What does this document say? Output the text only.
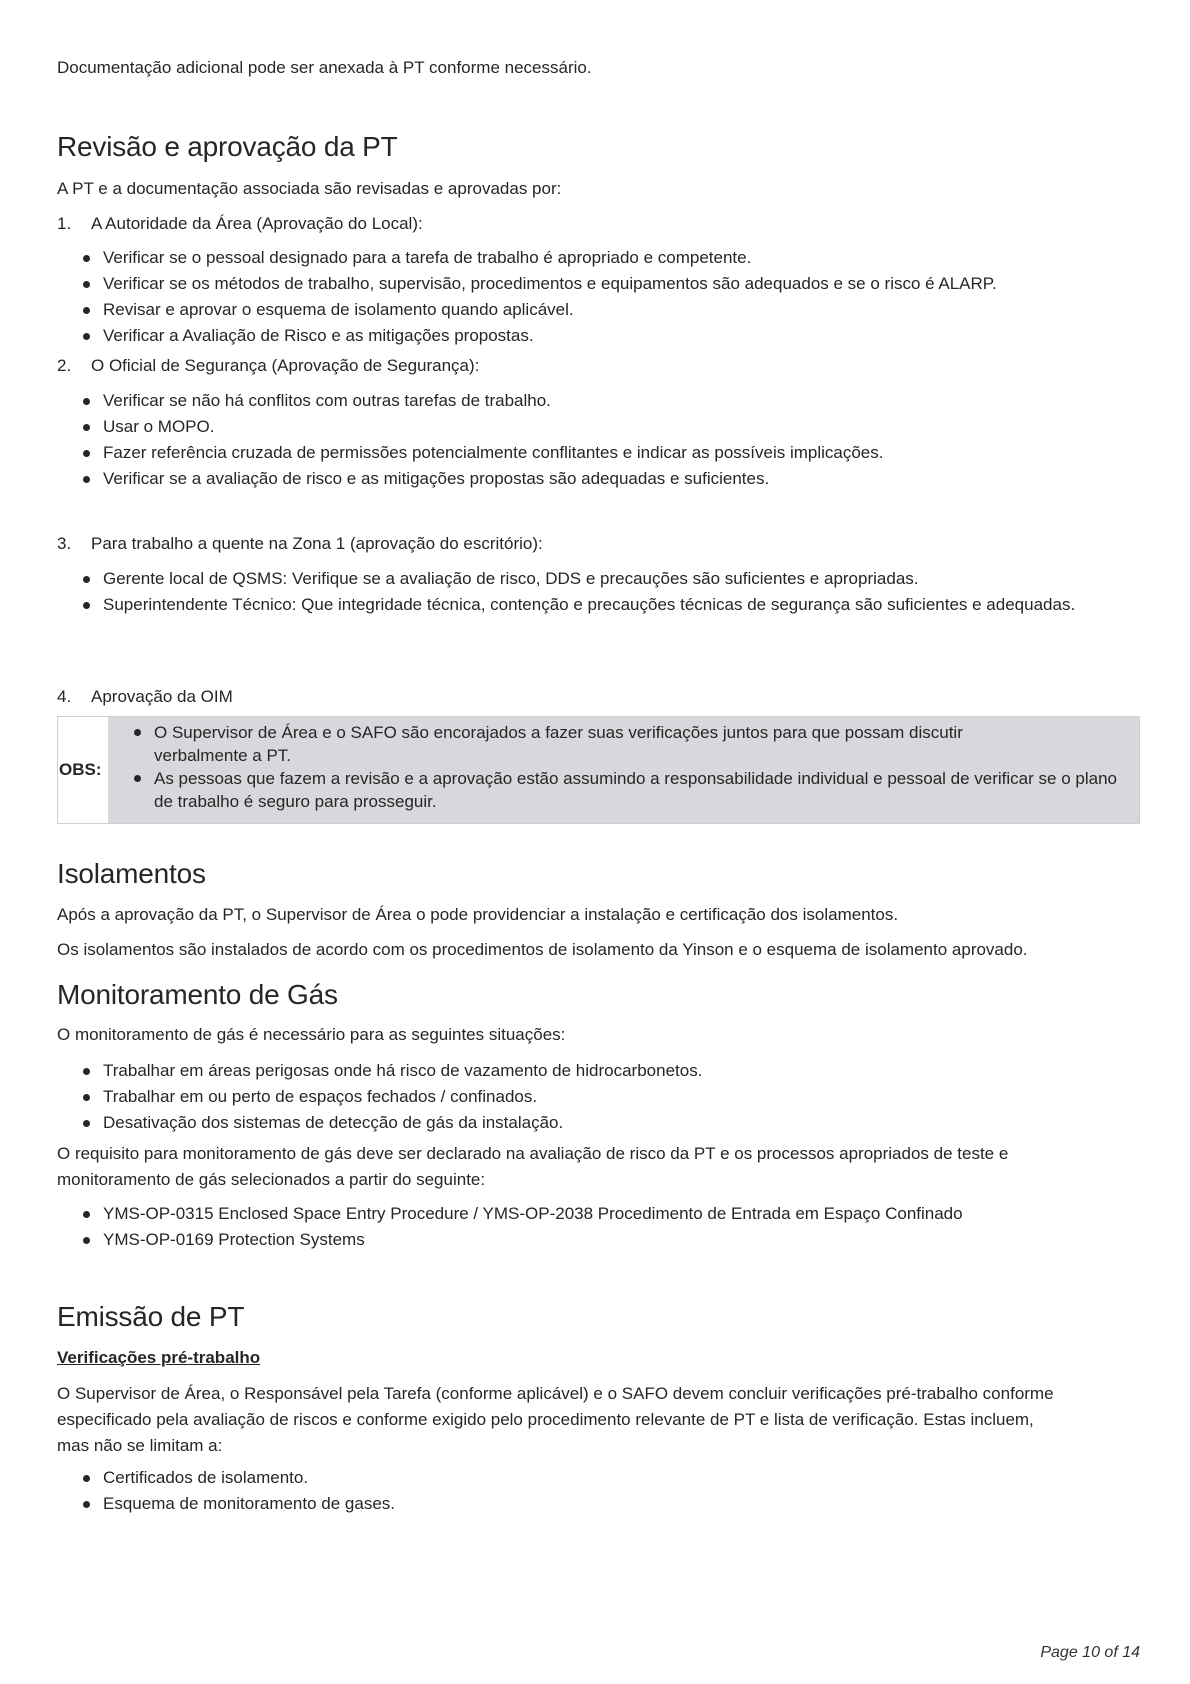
Documentação adicional pode ser anexada à PT conforme necessário.

Revisão e aprovação da PT

A PT e a documentação associada são revisadas e aprovadas por:

1. A Autoridade da Área (Aprovação do Local):
Verificar se o pessoal designado para a tarefa de trabalho é apropriado e competente.
Verificar se os métodos de trabalho, supervisão, procedimentos e equipamentos são adequados e se o risco é ALARP.
Revisar e aprovar o esquema de isolamento quando aplicável.
Verificar a Avaliação de Risco e as mitigações propostas.
2. O Oficial de Segurança (Aprovação de Segurança):
Verificar se não há conflitos com outras tarefas de trabalho.
Usar o MOPO.
Fazer referência cruzada de permissões potencialmente conflitantes e indicar as possíveis implicações.
Verificar se a avaliação de risco e as mitigações propostas são adequadas e suficientes.
3. Para trabalho a quente na Zona 1 (aprovação do escritório):
Gerente local de QSMS: Verifique se a avaliação de risco, DDS e precauções são suficientes e apropriadas.
Superintendente Técnico: Que integridade técnica, contenção e precauções técnicas de segurança são suficientes e adequadas.
4. Aprovação da OIM
OBS:
O Supervisor de Área e o SAFO são encorajados a fazer suas verificações juntos para que possam discutir verbalmente a PT.
As pessoas que fazem a revisão e a aprovação estão assumindo a responsabilidade individual e pessoal de verificar se o plano de trabalho é seguro para prosseguir.
Isolamentos

Após a aprovação da PT, o Supervisor de Área o pode providenciar a instalação e certificação dos isolamentos.

Os isolamentos são instalados de acordo com os procedimentos de isolamento da Yinson e o esquema de isolamento aprovado.

Monitoramento de Gás

O monitoramento de gás é necessário para as seguintes situações:

Trabalhar em áreas perigosas onde há risco de vazamento de hidrocarbonetos.
Trabalhar em ou perto de espaços fechados / confinados.
Desativação dos sistemas de detecção de gás da instalação.

O requisito para monitoramento de gás deve ser declarado na avaliação de risco da PT e os processos apropriados de teste e monitoramento de gás selecionados a partir do seguinte:

YMS-OP-0315 Enclosed Space Entry Procedure / YMS-OP-2038 Procedimento de Entrada em Espaço Confinado
YMS-OP-0169 Protection Systems
Emissão de PT

Verificações pré-trabalho

O Supervisor de Área, o Responsável pela Tarefa (conforme aplicável) e o SAFO devem concluir verificações pré-trabalho conforme especificado pela avaliação de riscos e conforme exigido pelo procedimento relevante de PT e lista de verificação. Estas incluem, mas não se limitam a:

Certificados de isolamento.
Esquema de monitoramento de gases.
Page 10 of 14
